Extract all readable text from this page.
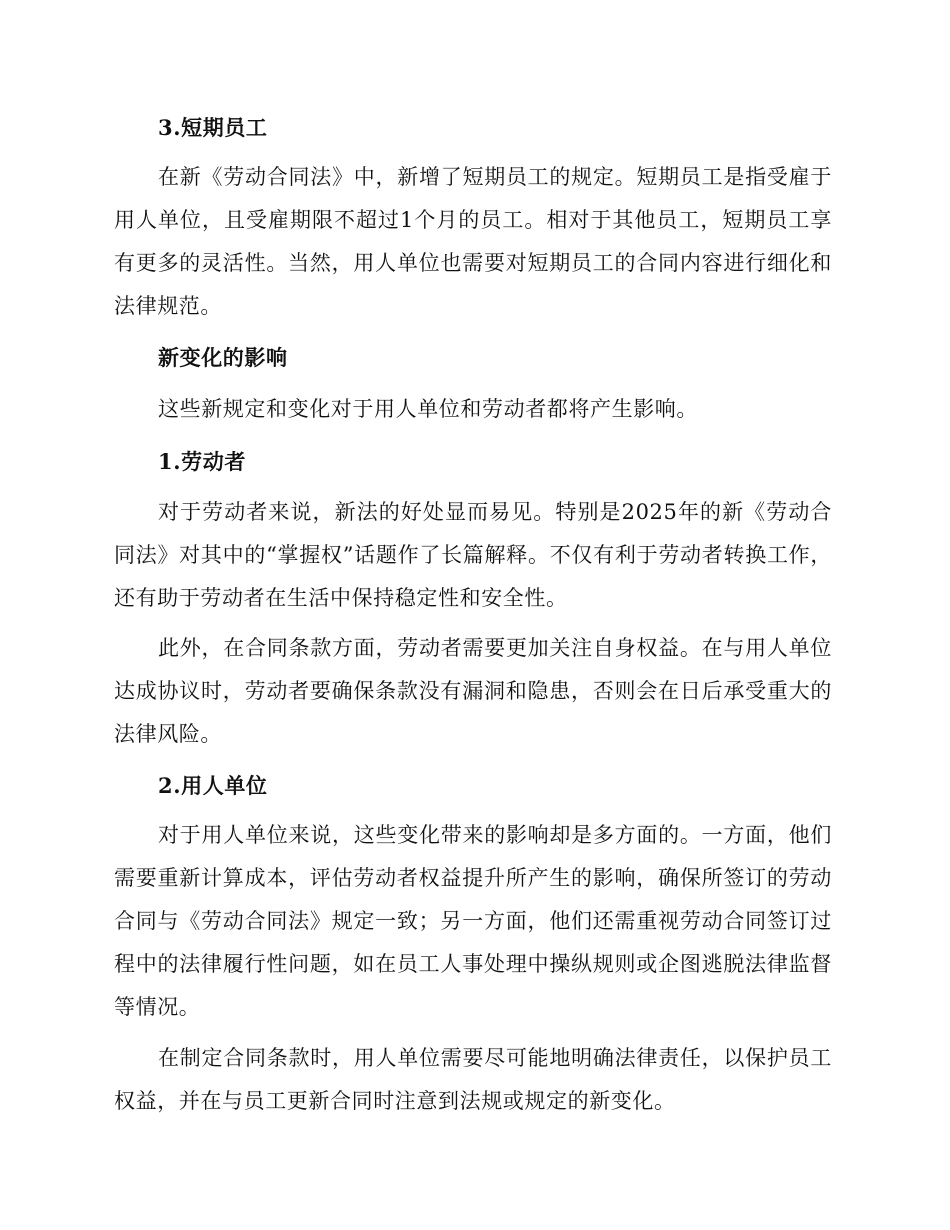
3.短期员工

在新《劳动合同法》中，新增了短期员工的规定。短期员工是指受雇于用人单位，且受雇期限不超过1个月的员工。相对于其他员工，短期员工享有更多的灵活性。当然，用人单位也需要对短期员工的合同内容进行细化和法律规范。

新变化的影响

这些新规定和变化对于用人单位和劳动者都将产生影响。

1.劳动者

对于劳动者来说，新法的好处显而易见。特别是2025年的新《劳动合同法》对其中的“掌握权”话题作了长篇解释。不仅有利于劳动者转换工作，还有助于劳动者在生活中保持稳定性和安全性。

此外，在合同条款方面，劳动者需要更加关注自身权益。在与用人单位达成协议时，劳动者要确保条款没有漏洞和隐患，否则会在日后承受重大的法律风险。

2.用人单位

对于用人单位来说，这些变化带来的影响却是多方面的。一方面，他们需要重新计算成本，评估劳动者权益提升所产生的影响，确保所签订的劳动合同与《劳动合同法》规定一致；另一方面，他们还需重视劳动合同签订过程中的法律履行性问题，如在员工人事处理中操纵规则或企图逃脱法律监督等情况。

在制定合同条款时，用人单位需要尽可能地明确法律责任，以保护员工权益，并在与员工更新合同时注意到法规或规定的新变化。
